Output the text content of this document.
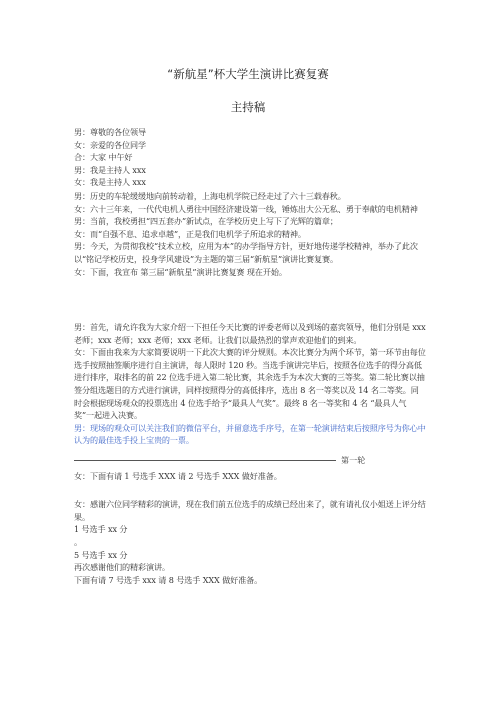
“新航星”杯大学生演讲比赛复赛
主持稿

男：尊敬的各位领导

女：亲爱的各位同学

合：大家 中午好

男：我是主持人 xxx

女：我是主持人 xxx

男：历史的车轮缓缓地向前转动着，上海电机学院已经走过了六十三载春秋。

女：六十三年来，一代代电机人勇往中国经济建设第一线，锤炼出大公无私、勇于奉献的电机精神

男：当前，我校勇担“四五套办”新试点，在学校历史上写下了光辉的篇章；

女：而“自强不息、追求卓越”，正是我们电机学子所追求的精神。

男：今天，为贯彻我校“技术立校，应用为本”的办学指导方针，更好地传递学校精神，举办了此次以“铭记学校历史，投身学风建设”为主题的第三届“新航星”演讲比赛复赛。

女：下面，我宣布 第三届“新航星”演讲比赛复赛 现在开始。

男：首先，请允许我为大家介绍一下担任今天比赛的评委老师以及到场的嘉宾领导，他们分别是 xxx 老师；xxx 老师；xxx 老师；xxx 老师。让我们以最热烈的掌声欢迎他们的到来。

女：下面由我来为大家简要说明一下此次大赛的评分规则。本次比赛分为两个环节，第一环节由每位选手按照抽签顺序进行自主演讲，每人限时 120 秒。当选手演讲完毕后，按照各位选手的得分高低进行排序，取排名的前 22 位选手进入第二轮比赛，其余选手为本次大赛的三等奖。第二轮比赛以抽签分组选题目的方式进行演讲，同样按照得分的高低排序，选出 8 名一等奖以及 14 名二等奖。同时会根据现场观众的投票选出 4 位选手给予“最具人气奖”。最终 8 名一等奖和 4 名 “最具人气奖”一起进入决赛。

男：现场的观众可以关注我们的微信平台，并留意选手序号，在第一轮演讲结束后按照序号为你心中认为的最佳选手投上宝贵的一票。

第一轮

女：下面有请 1 号选手 XXX 请 2 号选手 XXX 做好准备。

女：感谢六位同学精彩的演讲，现在我们前五位选手的成绩已经出来了，就有请礼仪小姐送上评分结果。

1 号选手 xx 分

。

5 号选手 xx 分

再次感谢他们的精彩演讲。

下面有请 7 号选手 xxx 请 8 号选手 XXX 做好准备。
